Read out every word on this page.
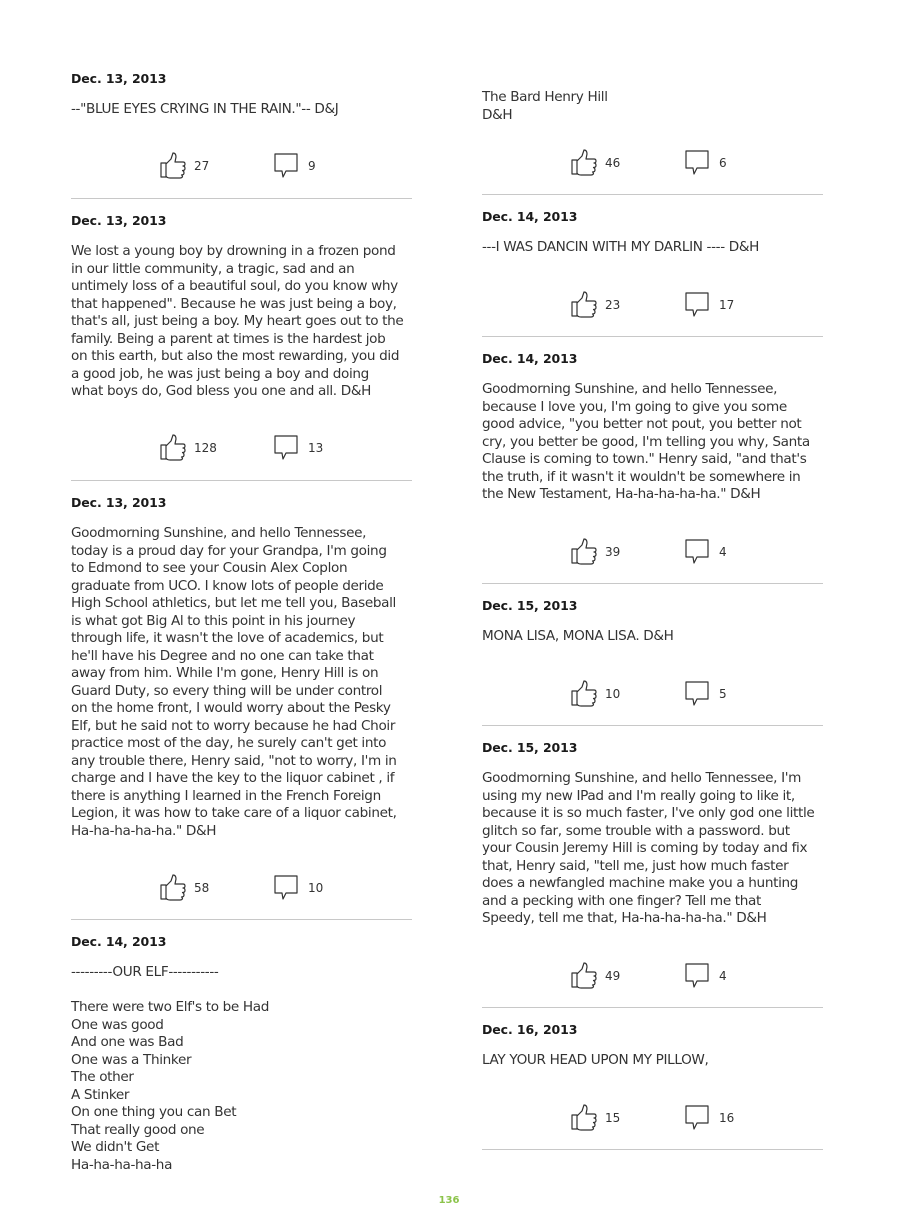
Dec. 13, 2013
--"BLUE EYES CRYING IN THE RAIN."-- D&J
27	9
Dec. 13, 2013
We lost a young boy by drowning in a frozen pond
in our little community, a tragic, sad and an
untimely loss of a beautiful soul, do you know why
that happened". Because he was just being a boy,
that's all, just being a boy. My heart goes out to the
family. Being a parent at times is the hardest job
on this earth, but also the most rewarding, you did
a good job, he was just being a boy and doing
what boys do, God bless you one and all. D&H
128	13
Dec. 13, 2013
Goodmorning Sunshine, and hello Tennessee,
today is a proud day for your Grandpa, I'm going
to Edmond to see your Cousin Alex Coplon
graduate from UCO. I know lots of people deride
High School athletics, but let me tell you, Baseball
is what got Big Al to this point in his journey
through life, it wasn't the love of academics, but
he'll have his Degree and no one can take that
away from him. While I'm gone, Henry Hill is on
Guard Duty, so every thing will be under control
on the home front, I would worry about the Pesky
Elf, but he said not to worry because he had Choir
practice most of the day, he surely can't get into
any trouble there, Henry said, "not to worry, I'm in
charge and I have the key to the liquor cabinet , if
there is anything I learned in the French Foreign
Legion, it was how to take care of a liquor cabinet,
Ha-ha-ha-ha-ha." D&H
58	10
Dec. 14, 2013
---------OUR ELF-----------

There were two Elf's to be Had
One was good
And one was Bad
One was a Thinker
The other
A Stinker
On one thing you can Bet
That really good one
We didn't Get
Ha-ha-ha-ha-ha
The Bard Henry Hill
D&H
46	6
Dec. 14, 2013
---I WAS DANCIN WITH MY DARLIN ---- D&H
23	17
Dec. 14, 2013
Goodmorning Sunshine, and hello Tennessee,
because I love you, I'm going to give you some
good advice, "you better not pout, you better not
cry, you better be good, I'm telling you why, Santa
Clause is coming to town." Henry said, "and that's
the truth, if it wasn't it wouldn't be somewhere in
the New Testament, Ha-ha-ha-ha-ha." D&H
39	4
Dec. 15, 2013
MONA LISA, MONA LISA. D&H
10	5
Dec. 15, 2013
Goodmorning Sunshine, and hello Tennessee, I'm
using my new IPad and I'm really going to like it,
because it is so much faster, I've only god one little
glitch so far, some trouble with a password. but
your Cousin Jeremy Hill is coming by today and fix
that, Henry said, "tell me, just how much faster
does a newfangled machine make you a hunting
and a pecking with one finger? Tell me that
Speedy, tell me that, Ha-ha-ha-ha-ha." D&H
49	4
Dec. 16, 2013
LAY YOUR HEAD UPON MY PILLOW,
15	16
136
